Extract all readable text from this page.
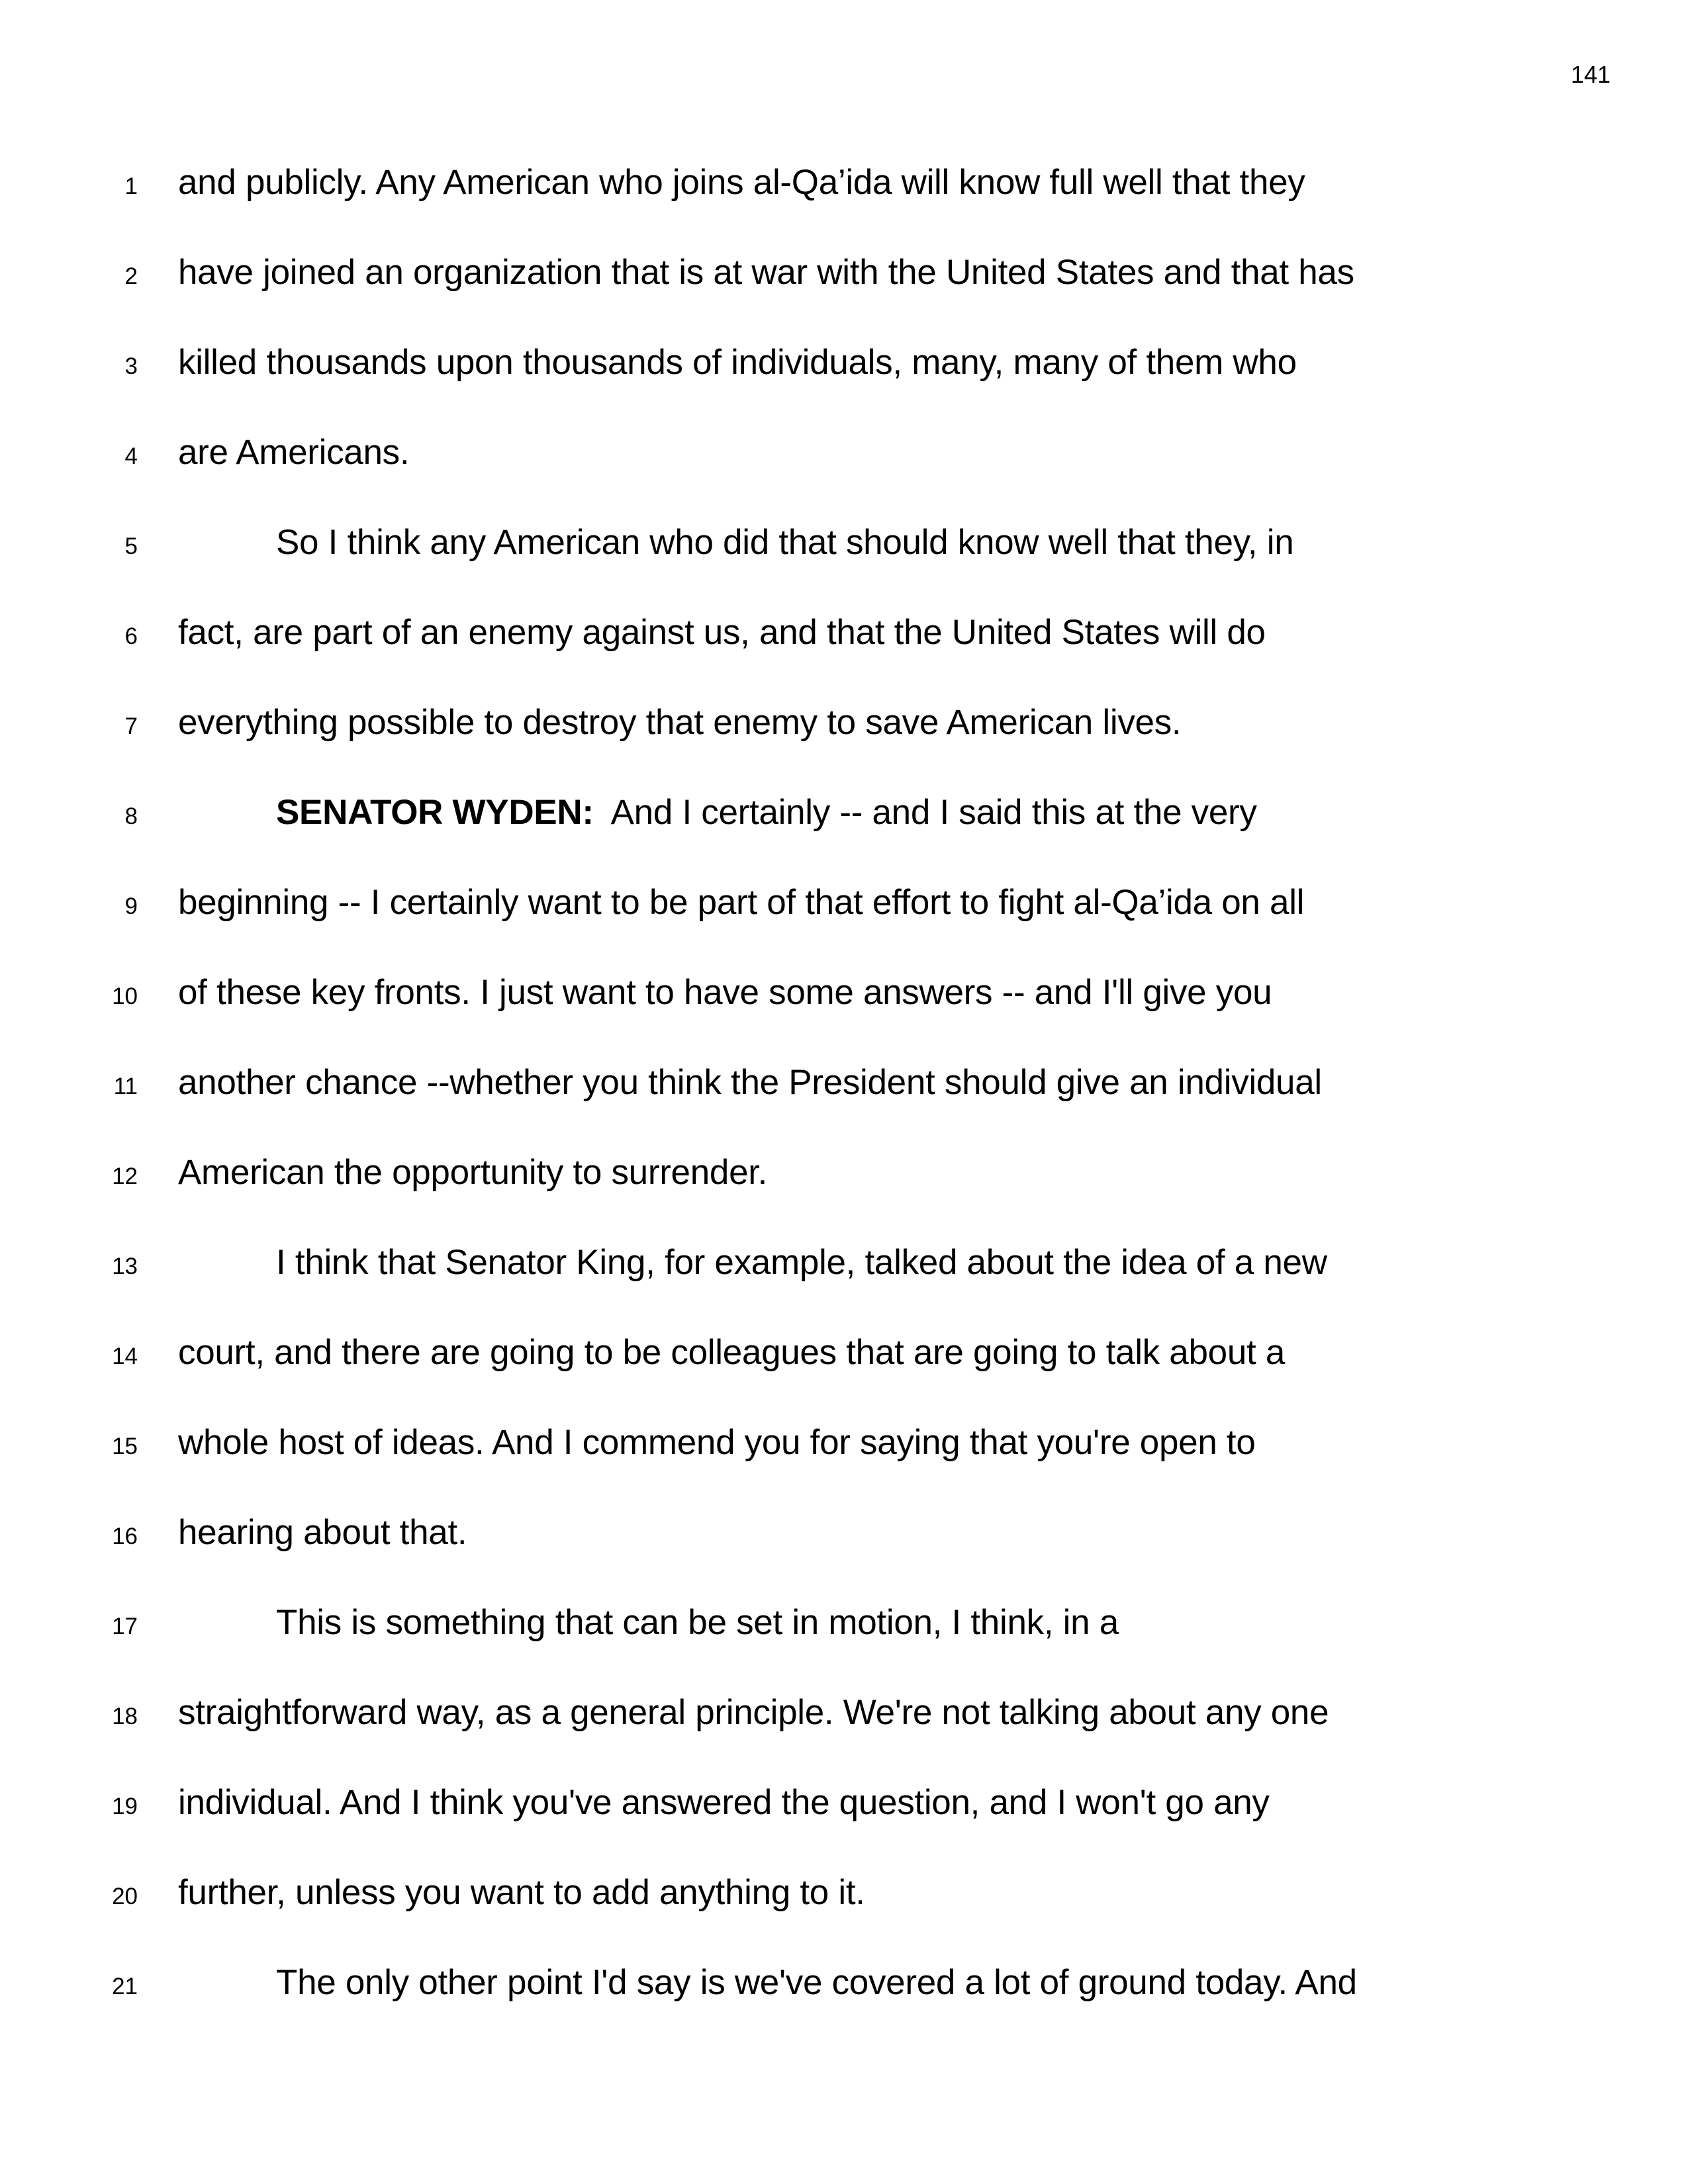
141
1 and publicly. Any American who joins al-Qa’ida will know full well that they
2 have joined an organization that is at war with the United States and that has
3 killed thousands upon thousands of individuals, many, many of them who
4 are Americans.
5	So I think any American who did that should know well that they, in
6 fact, are part of an enemy against us, and that the United States will do
7 everything possible to destroy that enemy to save American lives.
8	SENATOR WYDEN:  And I certainly -- and I said this at the very
9 beginning -- I certainly want to be part of that effort to fight al-Qa’ida on all
10 of these key fronts. I just want to have some answers -- and I'll give you
11 another chance --whether you think the President should give an individual
12 American the opportunity to surrender.
13	I think that Senator King, for example, talked about the idea of a new
14 court, and there are going to be colleagues that are going to talk about a
15 whole host of ideas. And I commend you for saying that you're open to
16 hearing about that.
17	This is something that can be set in motion, I think, in a
18 straightforward way, as a general principle. We're not talking about any one
19 individual. And I think you've answered the question, and I won't go any
20 further, unless you want to add anything to it.
21	The only other point I'd say is we've covered a lot of ground today. And
